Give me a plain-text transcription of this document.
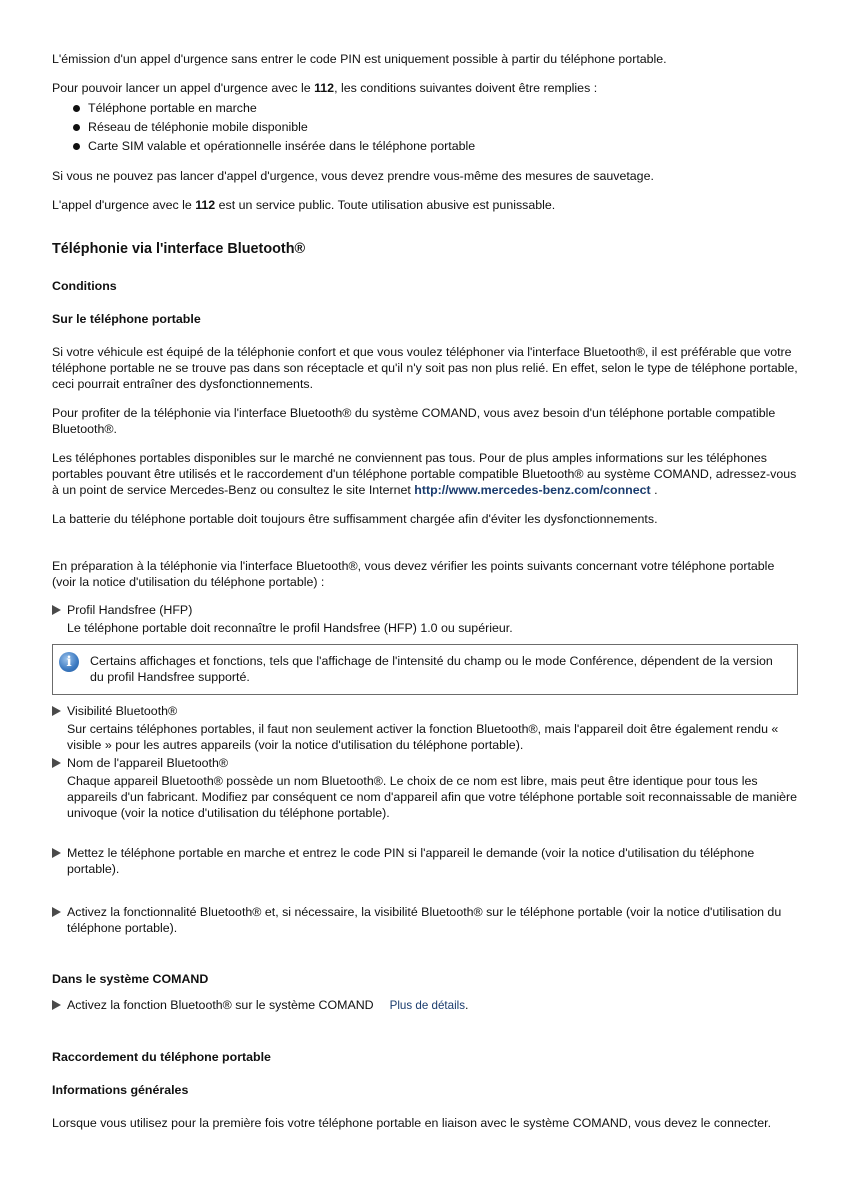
L'émission d'un appel d'urgence sans entrer le code PIN est uniquement possible à partir du téléphone portable.

Pour pouvoir lancer un appel d'urgence avec le 112, les conditions suivantes doivent être remplies :

Téléphone portable en marche
Réseau de téléphonie mobile disponible
Carte SIM valable et opérationnelle insérée dans le téléphone portable

Si vous ne pouvez pas lancer d'appel d'urgence, vous devez prendre vous-même des mesures de sauvetage.

L'appel d'urgence avec le 112 est un service public. Toute utilisation abusive est punissable.

Téléphonie via l'interface Bluetooth®
Conditions
Sur le téléphone portable

Si votre véhicule est équipé de la téléphonie confort et que vous voulez téléphoner via l'interface Bluetooth®, il est préférable que votre téléphone portable ne se trouve pas dans son réceptacle et qu'il n'y soit pas non plus relié. En effet, selon le type de téléphone portable, ceci pourrait entraîner des dysfonctionnements.

Pour profiter de la téléphonie via l'interface Bluetooth® du système COMAND, vous avez besoin d'un téléphone portable compatible Bluetooth®.

Les téléphones portables disponibles sur le marché ne conviennent pas tous. Pour de plus amples informations sur les téléphones portables pouvant être utilisés et le raccordement d'un téléphone portable compatible Bluetooth® au système COMAND, adressez-vous à un point de service Mercedes-Benz ou consultez le site Internet http://www.mercedes-benz.com/connect .

La batterie du téléphone portable doit toujours être suffisamment chargée afin d'éviter les dysfonctionnements.

En préparation à la téléphonie via l'interface Bluetooth®, vous devez vérifier les points suivants concernant votre téléphone portable (voir la notice d'utilisation du téléphone portable) :

Profil Handsfree (HFP)
Le téléphone portable doit reconnaître le profil Handsfree (HFP) 1.0 ou supérieur.
i	Certains affichages et fonctions, tels que l'affichage de l'intensité du champ ou le mode Conférence, dépendent de la version du profil Handsfree supporté.
Visibilité Bluetooth®
Sur certains téléphones portables, il faut non seulement activer la fonction Bluetooth®, mais l'appareil doit être également rendu « visible » pour les autres appareils (voir la notice d'utilisation du téléphone portable).
Nom de l'appareil Bluetooth®
Chaque appareil Bluetooth® possède un nom Bluetooth®. Le choix de ce nom est libre, mais peut être identique pour tous les appareils d'un fabricant. Modifiez par conséquent ce nom d'appareil afin que votre téléphone portable soit reconnaissable de manière univoque (voir la notice d'utilisation du téléphone portable).
Mettez le téléphone portable en marche et entrez le code PIN si l'appareil le demande (voir la notice d'utilisation du téléphone portable).
Activez la fonctionnalité Bluetooth® et, si nécessaire, la visibilité Bluetooth® sur le téléphone portable (voir la notice d'utilisation du téléphone portable).
Dans le système COMAND
Activez la fonction Bluetooth® sur le système COMAND Plus de détails.
Raccordement du téléphone portable
Informations générales

Lorsque vous utilisez pour la première fois votre téléphone portable en liaison avec le système COMAND, vous devez le connecter.
